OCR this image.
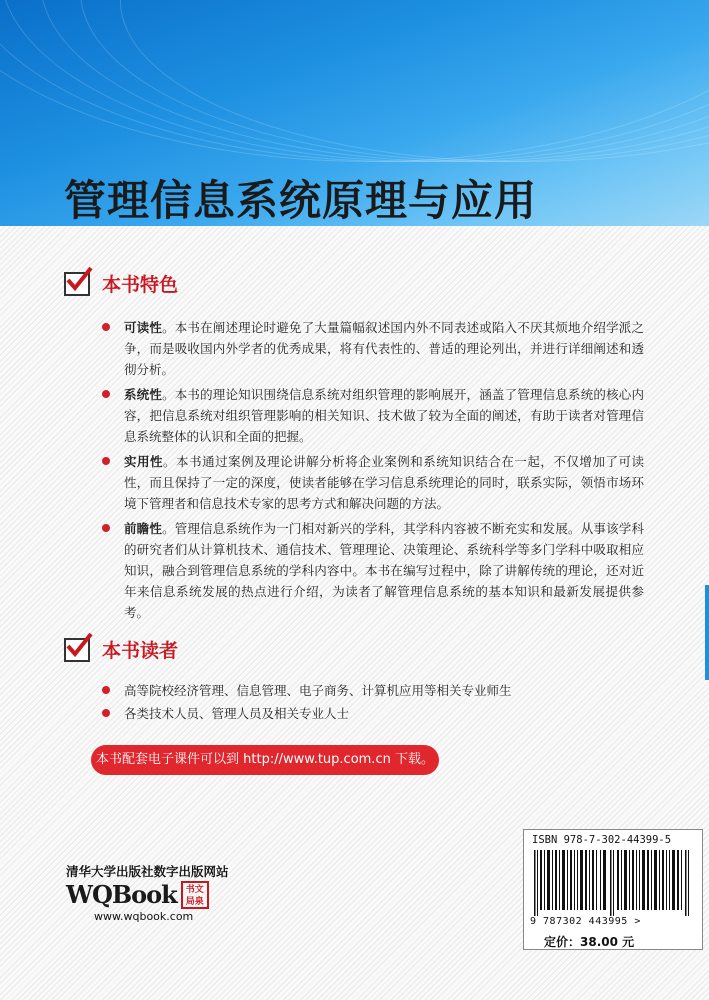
管理信息系统原理与应用
本书特色
可读性。本书在阐述理论时避免了大量篇幅叙述国内外不同表述或陷入不厌其烦地介绍学派之争，而是吸收国内外学者的优秀成果，将有代表性的、普适的理论列出，并进行详细阐述和透彻分析。
系统性。本书的理论知识围绕信息系统对组织管理的影响展开，涵盖了管理信息系统的核心内容，把信息系统对组织管理影响的相关知识、技术做了较为全面的阐述，有助于读者对管理信息系统整体的认识和全面的把握。
实用性。本书通过案例及理论讲解分析将企业案例和系统知识结合在一起，不仅增加了可读性，而且保持了一定的深度，使读者能够在学习信息系统理论的同时，联系实际，领悟市场环境下管理者和信息技术专家的思考方式和解决问题的方法。
前瞻性。管理信息系统作为一门相对新兴的学科，其学科内容被不断充实和发展。从事该学科的研究者们从计算机技术、通信技术、管理理论、决策理论、系统科学等多门学科中吸取相应知识，融合到管理信息系统的学科内容中。本书在编写过程中，除了讲解传统的理论，还对近年来信息系统发展的热点进行介绍，为读者了解管理信息系统的基本知识和最新发展提供参考。
本书读者
高等院校经济管理、信息管理、电子商务、计算机应用等相关专业师生
各类技术人员、管理人员及相关专业人士
本书配套电子课件可以到 http://www.tup.com.cn 下载。
清华大学出版社数字出版网站
WQBook 书文局泉
www.wqbook.com
ISBN 978-7-302-44399-5
9 787302 443995 >
定价：38.00 元
